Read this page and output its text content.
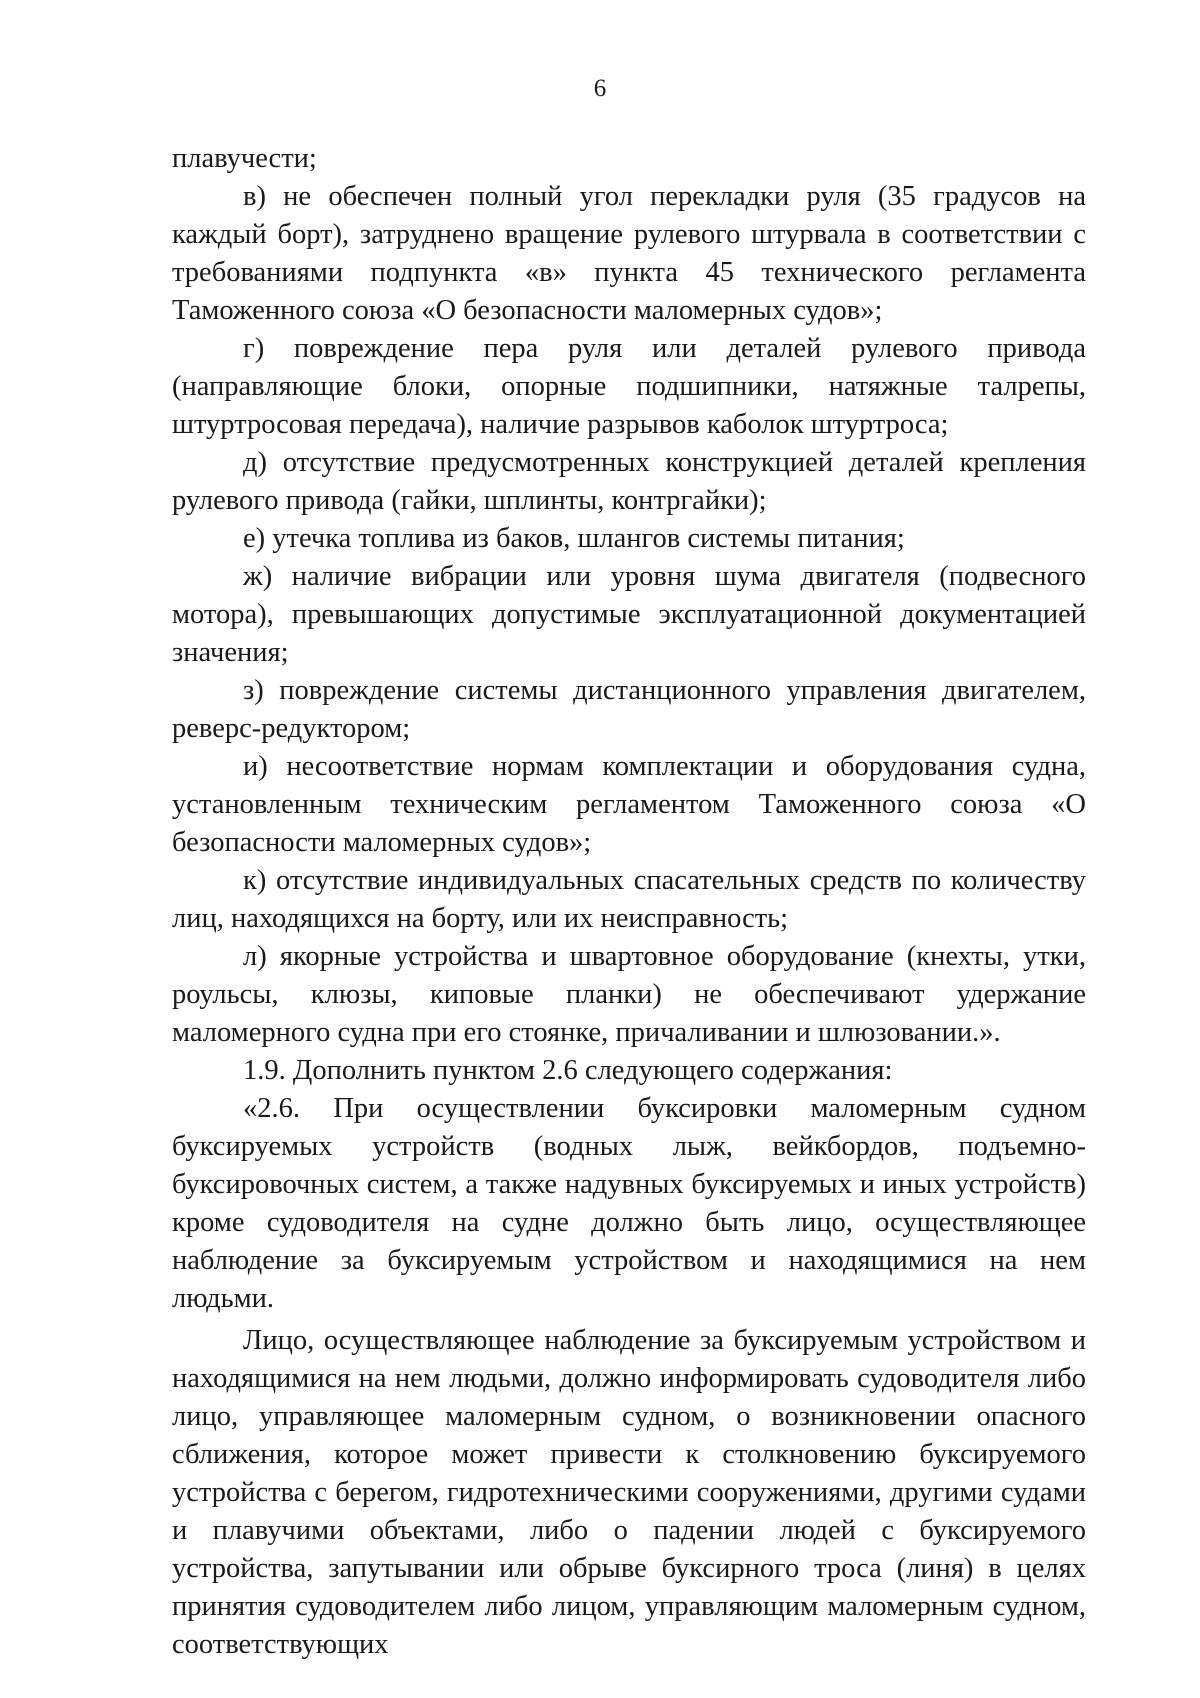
6

плавучести;

в) не обеспечен полный угол перекладки руля (35 градусов на каждый борт), затруднено вращение рулевого штурвала в соответствии с требованиями подпункта «в» пункта 45 технического регламента Таможенного союза «О безопасности маломерных судов»;

г) повреждение пера руля или деталей рулевого привода (направляющие блоки, опорные подшипники, натяжные талрепы, штуртросовая передача), наличие разрывов каболок штуртроса;

д) отсутствие предусмотренных конструкцией деталей крепления рулевого привода (гайки, шплинты, контргайки);

е) утечка топлива из баков, шлангов системы питания;

ж) наличие вибрации или уровня шума двигателя (подвесного мотора), превышающих допустимые эксплуатационной документацией значения;

з) повреждение системы дистанционного управления двигателем, реверс-редуктором;

и) несоответствие нормам комплектации и оборудования судна, установленным техническим регламентом Таможенного союза «О безопасности маломерных судов»;

к) отсутствие индивидуальных спасательных средств по количеству лиц, находящихся на борту, или их неисправность;

л) якорные устройства и швартовное оборудование (кнехты, утки, роульсы, клюзы, киповые планки) не обеспечивают удержание маломерного судна при его стоянке, причаливании и шлюзовании.».

1.9. Дополнить пунктом 2.6 следующего содержания:

«2.6. При осуществлении буксировки маломерным судном буксируемых устройств (водных лыж, вейкбордов, подъемно-буксировочных систем, а также надувных буксируемых и иных устройств) кроме судоводителя на судне должно быть лицо, осуществляющее наблюдение за буксируемым устройством и находящимися на нем людьми.

Лицо, осуществляющее наблюдение за буксируемым устройством и находящимися на нем людьми, должно информировать судоводителя либо лицо, управляющее маломерным судном, о возникновении опасного сближения, которое может привести к столкновению буксируемого устройства с берегом, гидротехническими сооружениями, другими судами и плавучими объектами, либо о падении людей с буксируемого устройства, запутывании или обрыве буксирного троса (линя) в целях принятия судоводителем либо лицом, управляющим маломерным судном, соответствующих
